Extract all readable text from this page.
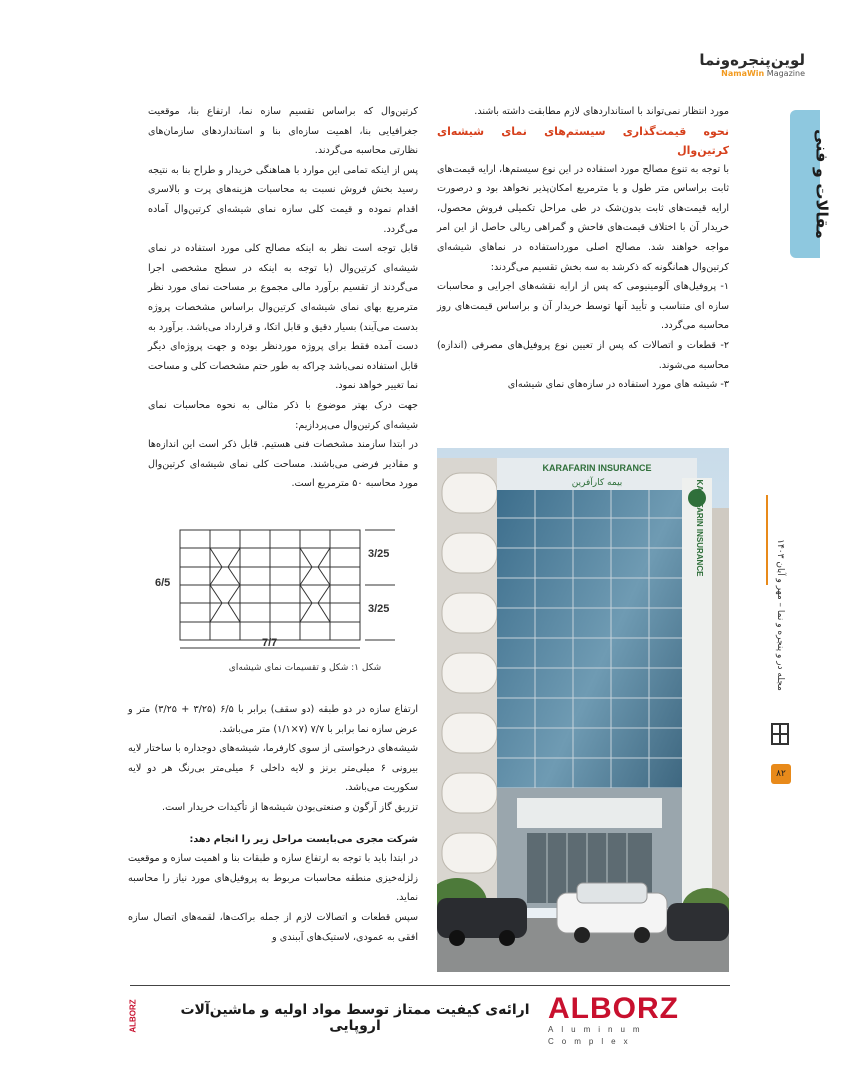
لوین‌پنجره‌ونما
NamaWin Magazine
مقالات و فنی
مجله در و پنجره و نما – مهر و آبان ۱۴۰۳
۸۲

مورد انتظار نمی‌تواند با استانداردهای لازم مطابقت داشته باشند.

نحوه قیمت‌گذاری سیستم‌های نمای شیشه‌ای کرتین‌وال

با توجه به تنوع مصالح مورد استفاده در این نوع سیستم‌ها، ارایه قیمت‌های ثابت براساس متر طول و یا مترمربع امکان‌پذیر نخواهد بود و درصورت ارایه قیمت‌های ثابت بدون‌شک در طی مراحل تکمیلی فروش محصول، خریدار آن با اختلاف قیمت‌های فاحش و گمراهی ریالی حاصل از این امر مواجه خواهند شد. مصالح اصلی مورداستفاده در نماهای شیشه‌ای کرتین‌وال همانگونه که ذکرشد به سه بخش تقسیم می‌گردند:

۱- پروفیل‌های آلومینیومی که پس از ارایه نقشه‌های اجرایی و محاسبات سازه ای متناسب و تأیید آنها توسط خریدار آن و براساس قیمت‌های روز محاسبه می‌گردد.

۲- قطعات و اتصالات که پس از تعیین نوع پروفیل‌های مصرفی (اندازه) محاسبه می‌شوند.

۳- شیشه های مورد استفاده در سازه‌های نمای شیشه‌ای

KARAFARIN INSURANCE
بیمه کارآفرین	KARAFARIN INSURANCE

کرتین‌وال که براساس تقسیم سازه نما، ارتفاع بنا، موقعیت جغرافیایی بنا، اهمیت سازه‌ای بنا و استانداردهای سازمان‌های نظارتی محاسبه می‌گردند.

پس از اینکه تمامی این موارد با هماهنگی خریدار و طراح بنا به نتیجه رسید بخش فروش نسبت به محاسبات هزینه‌های پرت و بالاسری اقدام نموده و قیمت کلی سازه نمای شیشه‌ای کرتین‌وال آماده می‌گردد.

قابل توجه است نظر به اینکه مصالح کلی مورد استفاده در نمای شیشه‌ای کرتین‌وال (با توجه به اینکه در سطح مشخصی اجرا می‌گردند از تقسیم برآورد مالی مجموع بر مساحت نمای مورد نظر مترمربع بهای نمای شیشه‌ای کرتین‌وال براساس مشخصات پروژه بدست می‌آیند) بسیار دقیق و قابل اتکا، و قرارداد می‌باشد. برآورد به دست آمده فقط برای پروژه موردنظر بوده و جهت پروژه‌ای دیگر قابل استفاده نمی‌باشد چراکه به طور حتم مشخصات کلی و مساحت نما تغییر خواهد نمود.

جهت درک بهتر موضوع با ذکر مثالی به نحوه محاسبات نمای شیشه‌ای کرتین‌وال می‌پردازیم:

در ابتدا سازمند مشخصات فنی هستیم. قابل ذکر است این اندازه‌ها و مقادیر فرضی می‌باشند. مساحت کلی نمای شیشه‌ای کرتین‌وال مورد محاسبه ۵۰ مترمربع است.

6/5
3/25
3/25
7/7
شکل ۱: شکل و تقسیمات نمای شیشه‌ای

ارتفاع سازه در دو طبقه (دو سقف) برابر با ۶/۵ (۳/۲۵ + ۳/۲۵) متر و عرض سازه نما برابر با ۷/۷ (۷×۱/۱) متر می‌باشد.

شیشه‌های درخواستی از سوی کارفرما، شیشه‌های دوجداره با ساختار لایه بیرونی ۶ میلی‌متر برنز و لایه داخلی ۶ میلی‌متر بی‌رنگ هر دو لایه سکوریت می‌باشد.

تزریق گاز آرگون و صنعتی‌بودن شیشه‌ها از تأکیدات خریدار است.

شرکت مجری می‌بایست مراحل زیر را انجام دهد:

در ابتدا باید با توجه به ارتفاع سازه و طبقات بنا و اهمیت سازه و موقعیت زلزله‌خیزی منطقه محاسبات مربوط به پروفیل‌های مورد نیاز را محاسبه نماید.

سپس قطعات و اتصالات لازم از جمله براکت‌ها، لقمه‌های اتصال سازه افقی به عمودی، لاستیک‌های آببندی و

ALBORZ	ارائه‌ی کیفیت ممتاز توسط مواد اولیه و ماشین‌آلات اروپایی
ALBORZ
Aluminum Complex
